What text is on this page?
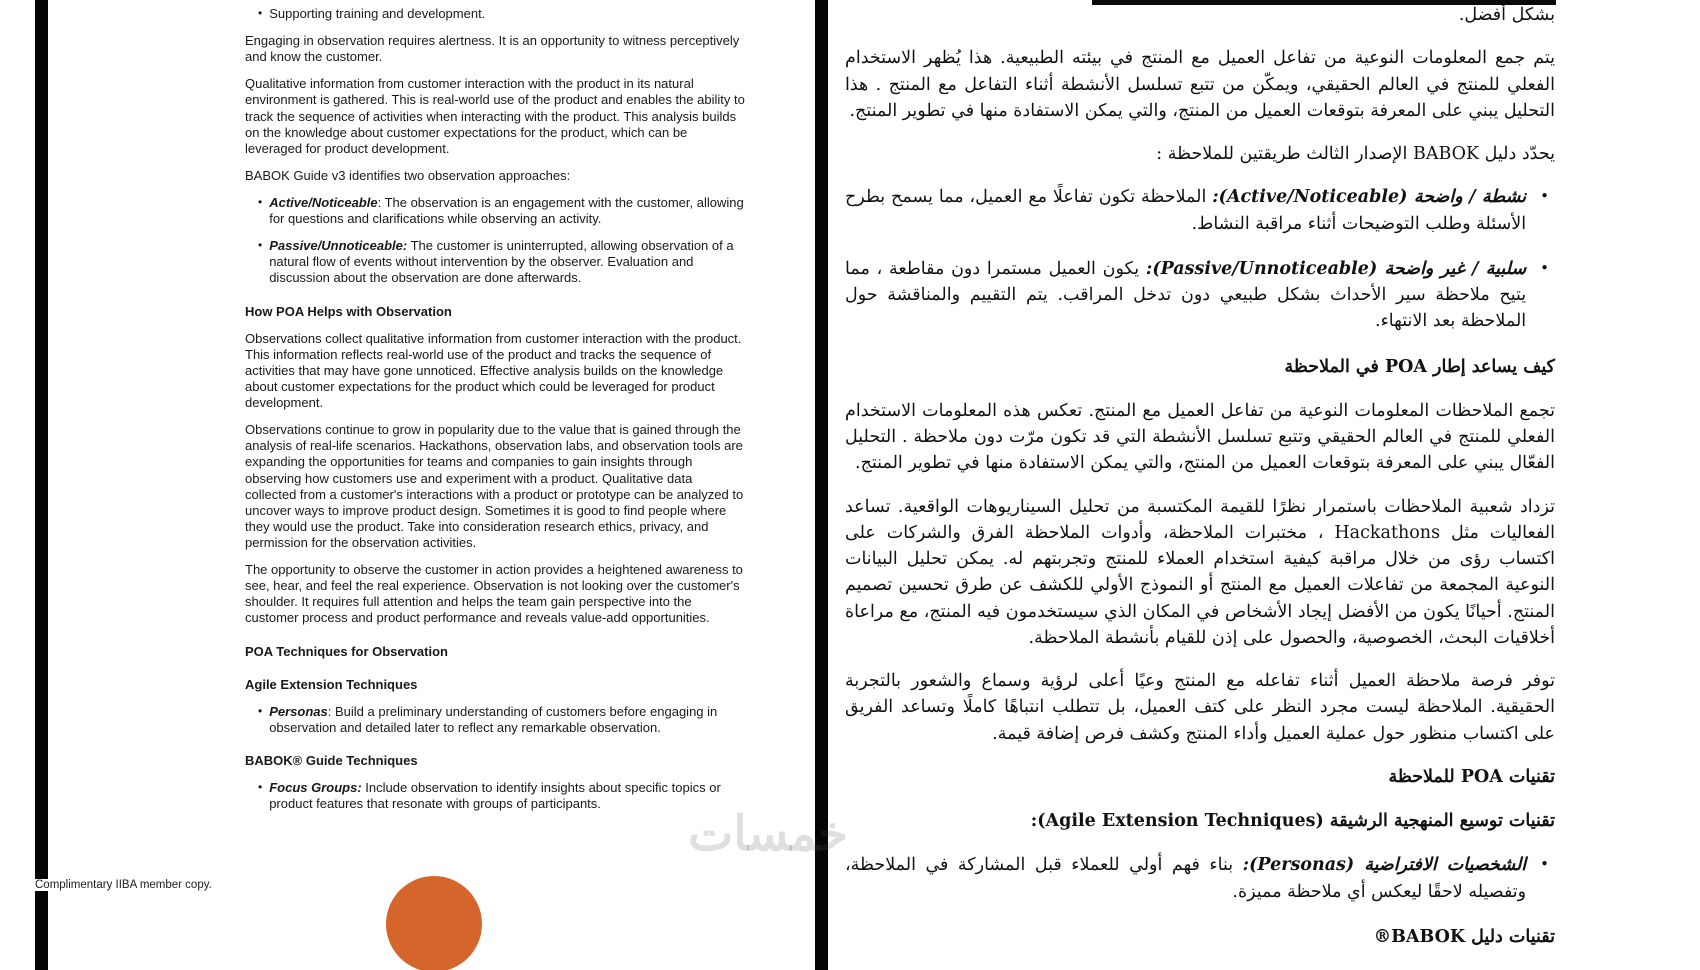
• Supporting training and development.

Engaging in observation requires alertness. It is an opportunity to witness perceptively and know the customer.

Qualitative information from customer interaction with the product in its natural environment is gathered. This is real-world use of the product and enables the ability to track the sequence of activities when interacting with the product. This analysis builds on the knowledge about customer expectations for the product, which can be leveraged for product development.

BABOK Guide v3 identifies two observation approaches:

• Active/Noticeable: The observation is an engagement with the customer, allowing for questions and clarifications while observing an activity.
• Passive/Unnoticeable: The customer is uninterrupted, allowing observation of a natural flow of events without intervention by the observer. Evaluation and discussion about the observation are done afterwards.
How POA Helps with Observation

Observations collect qualitative information from customer interaction with the product. This information reflects real-world use of the product and tracks the sequence of activities that may have gone unnoticed. Effective analysis builds on the knowledge about customer expectations for the product which could be leveraged for product development.

Observations continue to grow in popularity due to the value that is gained through the analysis of real-life scenarios. Hackathons, observation labs, and observation tools are expanding the opportunities for teams and companies to gain insights through observing how customers use and experiment with a product. Qualitative data collected from a customer's interactions with a product or prototype can be analyzed to uncover ways to improve product design. Sometimes it is good to find people where they would use the product. Take into consideration research ethics, privacy, and permission for the observation activities.

The opportunity to observe the customer in action provides a heightened awareness to see, hear, and feel the real experience. Observation is not looking over the customer's shoulder. It requires full attention and helps the team gain perspective into the customer process and product performance and reveals value-add opportunities.

POA Techniques for Observation
Agile Extension Techniques
• Personas: Build a preliminary understanding of customers before engaging in observation and detailed later to reflect any remarkable observation.
BABOK® Guide Techniques
• Focus Groups: Include observation to identify insights about specific topics or product features that resonate with groups of participants.
Complimentary IIBA member copy.

بشكل أفضل.

يتم جمع المعلومات النوعية من تفاعل العميل مع المنتج في بيئته الطبيعية. هذا يُظهر الاستخدام الفعلي للمنتج في العالم الحقيقي، ويمكّن من تتبع تسلسل الأنشطة أثناء التفاعل مع المنتج . هذا التحليل يبني على المعرفة بتوقعات العميل من المنتج، والتي يمكن الاستفادة منها في تطوير المنتج.

يحدّد دليل BABOK الإصدار الثالث طريقتين للملاحظة :

•
نشطة / واضحة (Active/Noticeable): الملاحظة تكون تفاعلًا مع العميل، مما يسمح بطرح الأسئلة وطلب التوضيحات أثناء مراقبة النشاط.
•
سلبية / غير واضحة (Passive/Unnoticeable): يكون العميل مستمرا دون مقاطعة ، مما يتيح ملاحظة سير الأحداث بشكل طبيعي دون تدخل المراقب. يتم التقييم والمناقشة حول الملاحظة بعد الانتهاء.
كيف يساعد إطار POA في الملاحظة

تجمع الملاحظات المعلومات النوعية من تفاعل العميل مع المنتج. تعكس هذه المعلومات الاستخدام الفعلي للمنتج في العالم الحقيقي وتتبع تسلسل الأنشطة التي قد تكون مرّت دون ملاحظة . التحليل الفعّال يبني على المعرفة بتوقعات العميل من المنتج، والتي يمكن الاستفادة منها في تطوير المنتج.

تزداد شعبية الملاحظات باستمرار نظرًا للقيمة المكتسبة من تحليل السيناريوهات الواقعية. تساعد الفعاليات مثل Hackathons ، مختبرات الملاحظة، وأدوات الملاحظة الفرق والشركات على اكتساب رؤى من خلال مراقبة كيفية استخدام العملاء للمنتج وتجربتهم له. يمكن تحليل البيانات النوعية المجمعة من تفاعلات العميل مع المنتج أو النموذج الأولي للكشف عن طرق تحسين تصميم المنتج. أحيانًا يكون من الأفضل إيجاد الأشخاص في المكان الذي سيستخدمون فيه المنتج، مع مراعاة أخلاقيات البحث، الخصوصية، والحصول على إذن للقيام بأنشطة الملاحظة.

توفر فرصة ملاحظة العميل أثناء تفاعله مع المنتج وعيًا أعلى لرؤية وسماع والشعور بالتجربة الحقيقية. الملاحظة ليست مجرد النظر على كتف العميل، بل تتطلب انتباهًا كاملًا وتساعد الفريق على اكتساب منظور حول عملية العميل وأداء المنتج وكشف فرص إضافة قيمة.

تقنيات POA للملاحظة
تقنيات توسيع المنهجية الرشيقة (Agile Extension Techniques):
•
الشخصيات الافتراضية (Personas): بناء فهم أولي للعملاء قبل المشاركة في الملاحظة، وتفصيله لاحقًا ليعكس أي ملاحظة مميزة.
تقنيات دليل BABOK®
خمسات
